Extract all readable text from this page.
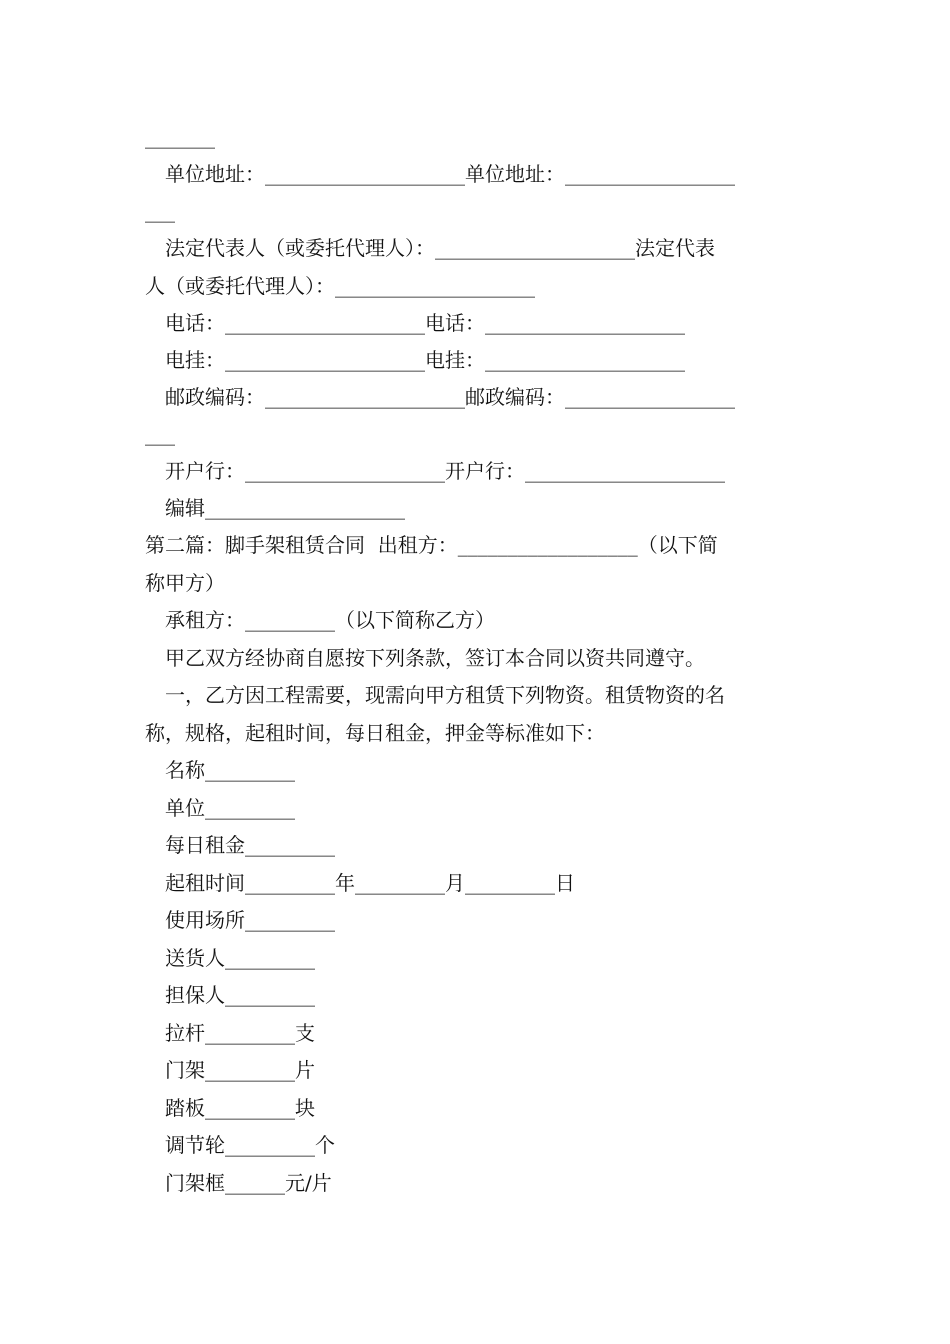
_______
单位地址：____________________单位地址：_________________
___
法定代表人（或委托代理人）：____________________法定代表
人（或委托代理人）：____________________
电话：____________________电话：____________________
电挂：____________________电挂：____________________
邮政编码：____________________邮政编码：_________________
___
开户行：____________________开户行：____________________
编辑____________________
第二篇：脚手架租赁合同  出租方：__________________（以下简
称甲方）
承租方：_________（以下简称乙方）
甲乙双方经协商自愿按下列条款，签订本合同以资共同遵守。
一，乙方因工程需要，现需向甲方租赁下列物资。租赁物资的名
称，规格，起租时间，每日租金，押金等标准如下：
名称_________
单位_________
每日租金_________
起租时间_________年_________月_________日
使用场所_________
送货人_________
担保人_________
拉杆_________支
门架_________片
踏板_________块
调节轮_________个
门架框______元/片
